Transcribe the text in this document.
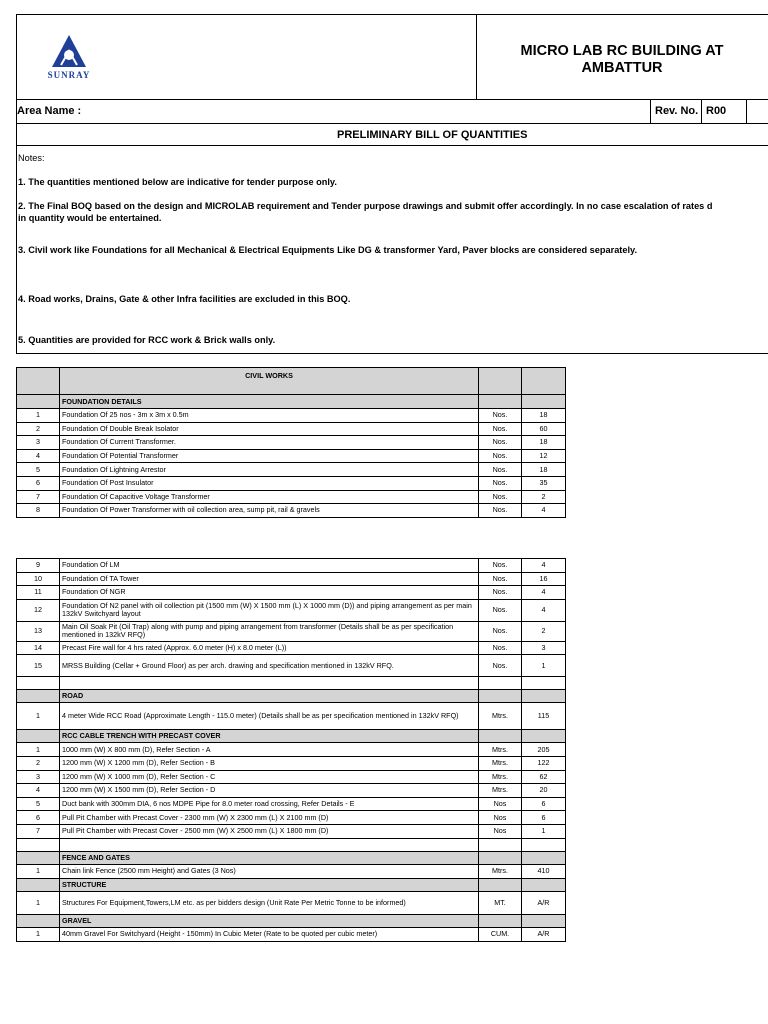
SUNRAY
MICRO LAB RC BUILDING AT
AMBATTUR
Area Name :	Rev. No. R00
PRELIMINARY BILL OF QUANTITIES
Notes:
1. The quantities mentioned below are indicative for tender purpose only.
2. The Final BOQ based on the design and MICROLAB requirement and Tender purpose drawings and submit offer accordingly. In no case escalation of rates d
in quantity would be entertained.
3. Civil work like Foundations for all Mechanical & Electrical Equipments Like DG & transformer Yard, Paver blocks are considered separately.
4. Road works, Drains, Gate & other Infra facilities are excluded in this BOQ.
5. Quantities are provided for RCC work & Brick walls only.
	CIVIL WORKS		
	FOUNDATION DETAILS		
1	Foundation Of 25 nos - 3m x 3m x 0.5m	Nos.	18
2	Foundation Of Double Break Isolator	Nos.	60
3	Foundation Of Current Transformer.	Nos.	18
4	Foundation Of Potential Transformer	Nos.	12
5	Foundation Of Lightning Arrestor	Nos.	18
6	Foundation Of Post Insulator	Nos.	35
7	Foundation Of Capacitive Voltage Transformer	Nos.	2
8	Foundation Of Power Transformer with oil collection area, sump pit, rail & gravels	Nos.	4
9	Foundation Of LM	Nos.	4
10	Foundation Of TA Tower	Nos.	16
11	Foundation Of NGR	Nos.	4
12	Foundation Of N2 panel with oil collection pit (1500 mm (W) X 1500 mm (L) X 1000 mm (D)) and piping arrangement as per main 132kV Switchyard layout	Nos.	4
13	Main Oil Soak Pit (Oil Trap) along with pump and piping arrangement from transformer (Details shall be as per specification mentioned in 132kV RFQ)	Nos.	2
14	Precast Fire wall for 4 hrs rated (Approx. 6.0 meter (H) x 8.0 meter (L))	Nos.	3
15	MRSS Building (Cellar + Ground Floor) as per arch. drawing and specification mentioned in 132kV RFQ.	Nos.	1

	ROAD		
1	4 meter Wide RCC Road (Approximate Length - 115.0 meter) (Details shall be as per specification mentioned in 132kV RFQ)	Mtrs.	115
	RCC CABLE TRENCH WITH PRECAST COVER		
1	1000 mm (W) X 800 mm (D), Refer Section - A	Mtrs.	205
2	1200 mm (W) X 1200 mm (D), Refer Section - B	Mtrs.	122
3	1200 mm (W) X 1000 mm (D), Refer Section - C	Mtrs.	62
4	1200 mm (W) X 1500 mm (D), Refer Section - D	Mtrs.	20
5	Duct bank with 300mm DIA, 6 nos MDPE Pipe for 8.0 meter road crossing, Refer Details - E	Nos	6
6	Pull Pit Chamber with Precast Cover - 2300 mm (W) X 2300 mm (L) X 2100 mm (D)	Nos	6
7	Pull Pit Chamber with Precast Cover - 2500 mm (W) X 2500 mm (L) X 1800 mm (D)	Nos	1

	FENCE AND GATES		
1	Chain link Fence (2500 mm Height) and Gates (3 Nos)	Mtrs.	410
	STRUCTURE		
1	Structures For Equipment,Towers,LM etc. as per bidders design (Unit Rate Per Metric Tonne to be informed)	MT.	A/R
	GRAVEL		
1	40mm Gravel For Switchyard (Height - 150mm) In Cubic Meter (Rate to be quoted per cubic meter)	CUM.	A/R
